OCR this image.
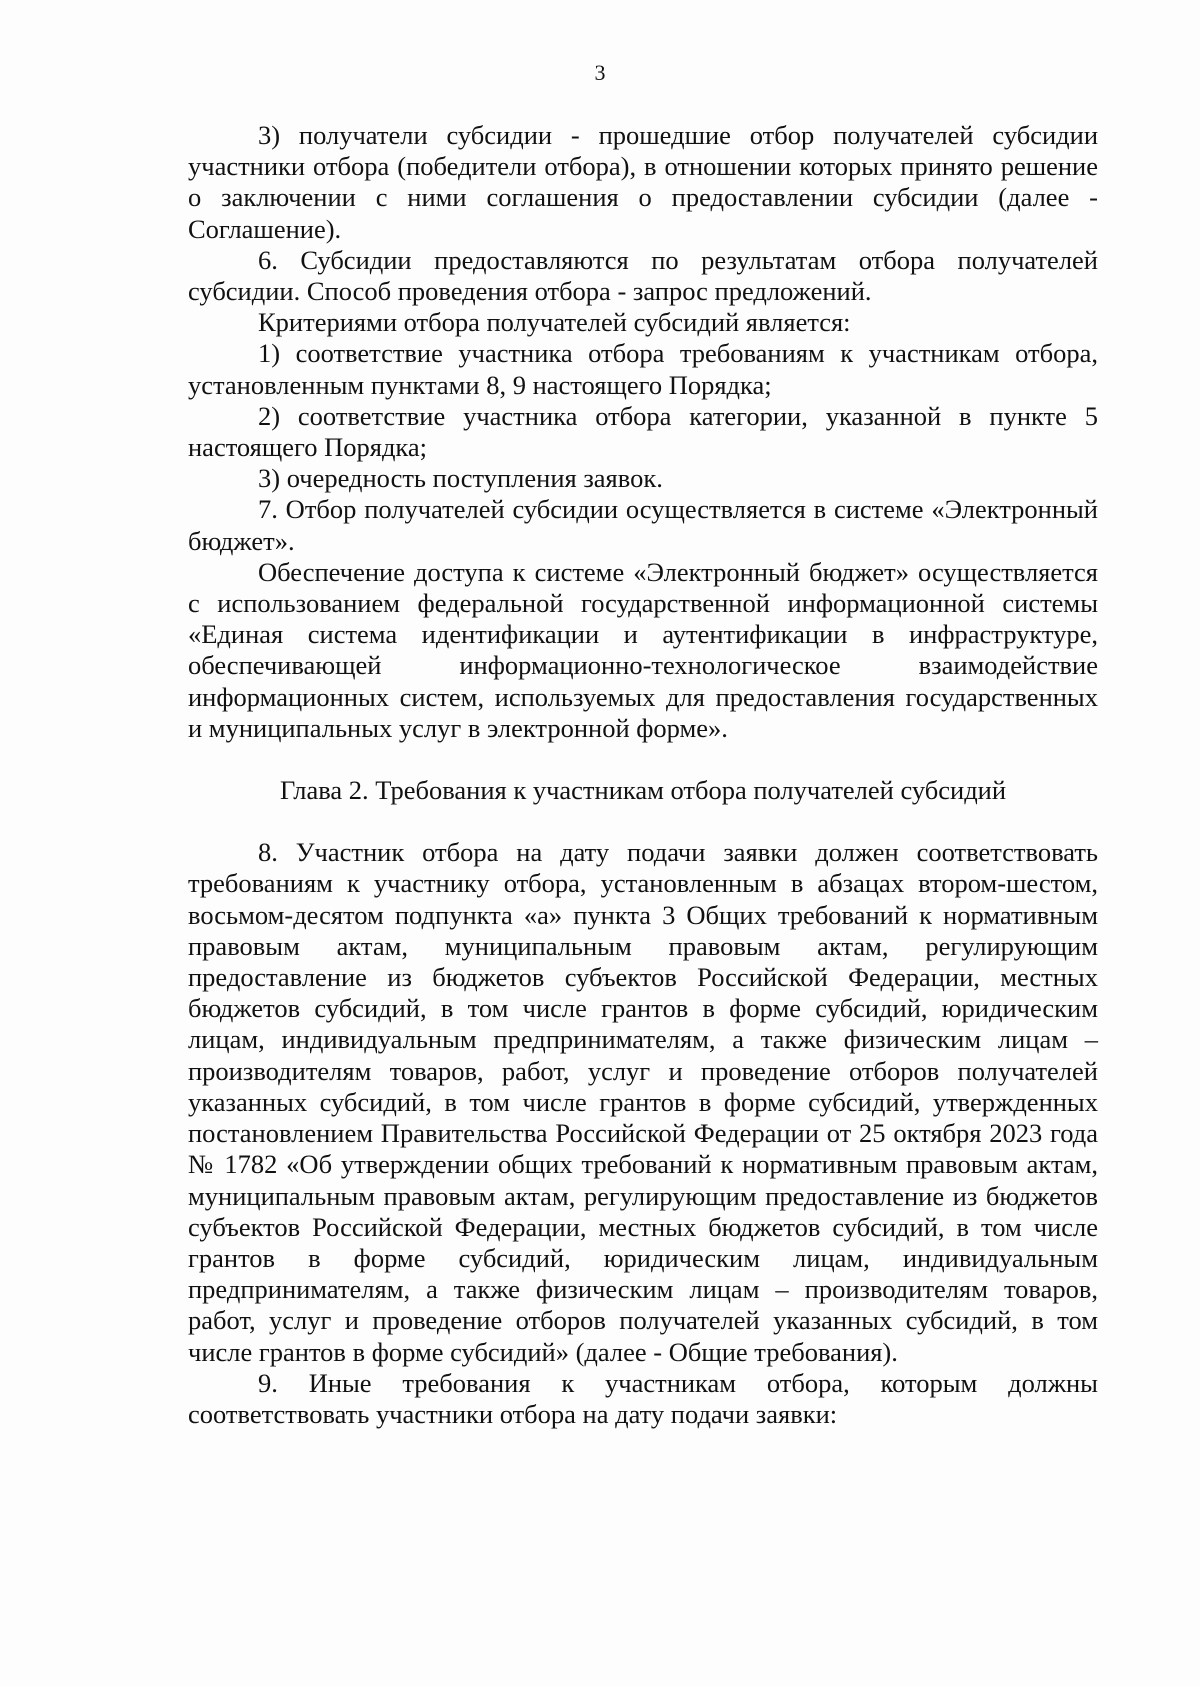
3

3) получатели субсидии - прошедшие отбор получателей субсидии участники отбора (победители отбора), в отношении которых принято решение о заключении с ними соглашения о предоставлении субсидии (далее - Соглашение).

6. Субсидии предоставляются по результатам отбора получателей субсидии. Способ проведения отбора - запрос предложений.

Критериями отбора получателей субсидий является:

1) соответствие участника отбора требованиям к участникам отбора, установленным пунктами 8, 9 настоящего Порядка;

2) соответствие участника отбора категории, указанной в пункте 5 настоящего Порядка;

3) очередность поступления заявок.

7. Отбор получателей субсидии осуществляется в системе «Электронный бюджет».

Обеспечение доступа к системе «Электронный бюджет» осуществляется с использованием федеральной государственной информационной системы «Единая система идентификации и аутентификации в инфраструктуре, обеспечивающей информационно-технологическое взаимодействие информационных систем, используемых для предоставления государственных и муниципальных услуг в электронной форме».

Глава 2. Требования к участникам отбора получателей субсидий

8. Участник отбора на дату подачи заявки должен соответствовать требованиям к участнику отбора, установленным в абзацах втором-шестом, восьмом-десятом подпункта «а» пункта 3 Общих требований к нормативным правовым актам, муниципальным правовым актам, регулирующим предоставление из бюджетов субъектов Российской Федерации, местных бюджетов субсидий, в том числе грантов в форме субсидий, юридическим лицам, индивидуальным предпринимателям, а также физическим лицам – производителям товаров, работ, услуг и проведение отборов получателей указанных субсидий, в том числе грантов в форме субсидий, утвержденных постановлением Правительства Российской Федерации от 25 октября 2023 года № 1782 «Об утверждении общих требований к нормативным правовым актам, муниципальным правовым актам, регулирующим предоставление из бюджетов субъектов Российской Федерации, местных бюджетов субсидий, в том числе грантов в форме субсидий, юридическим лицам, индивидуальным предпринимателям, а также физическим лицам – производителям товаров, работ, услуг и проведение отборов получателей указанных субсидий, в том числе грантов в форме субсидий» (далее - Общие требования).

9. Иные требования к участникам отбора, которым должны соответствовать участники отбора на дату подачи заявки:
